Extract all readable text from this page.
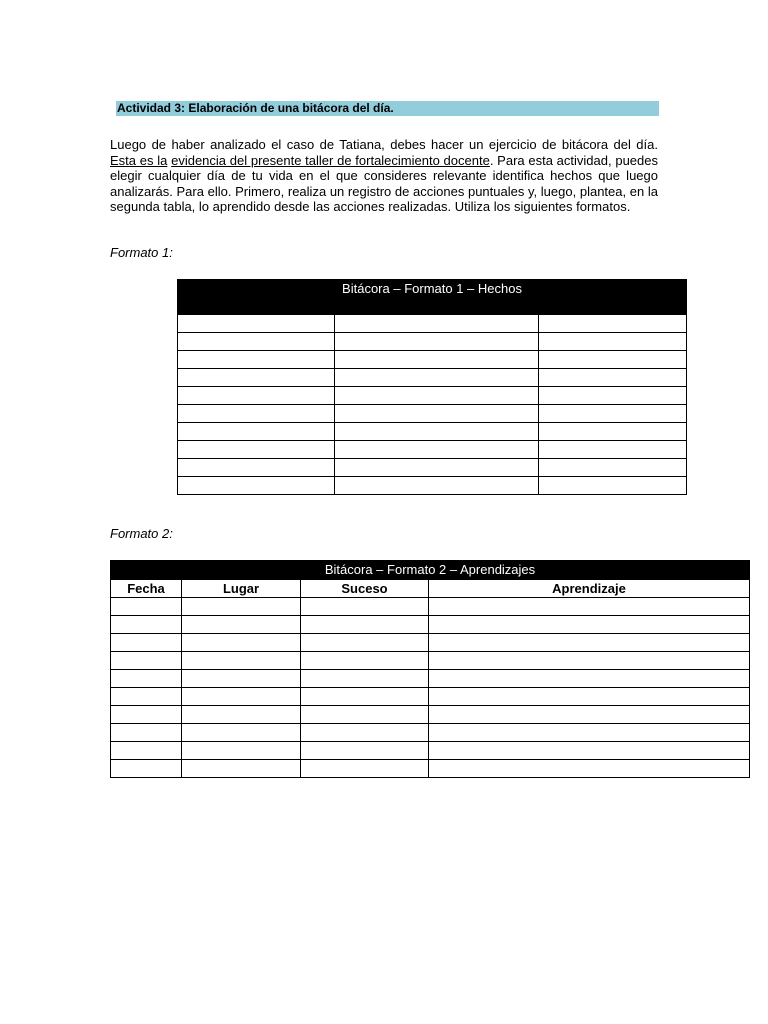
Actividad 3: Elaboración de una bitácora del día.

Luego de haber analizado el caso de Tatiana, debes hacer un ejercicio de bitácora del día. Esta es la evidencia del presente taller de fortalecimiento docente. Para esta actividad, puedes elegir cualquier día de tu vida en el que consideres relevante identifica hechos que luego analizarás. Para ello. Primero, realiza un registro de acciones puntuales y, luego, plantea, en la segunda tabla, lo aprendido desde las acciones realizadas. Utiliza los siguientes formatos.

Formato 1:
Bitácora – Formato 1 – Hechos		

Formato 2:
Bitácora – Formato 2 – Aprendizajes			
Fecha	Lugar	Suceso	Aprendizaje
